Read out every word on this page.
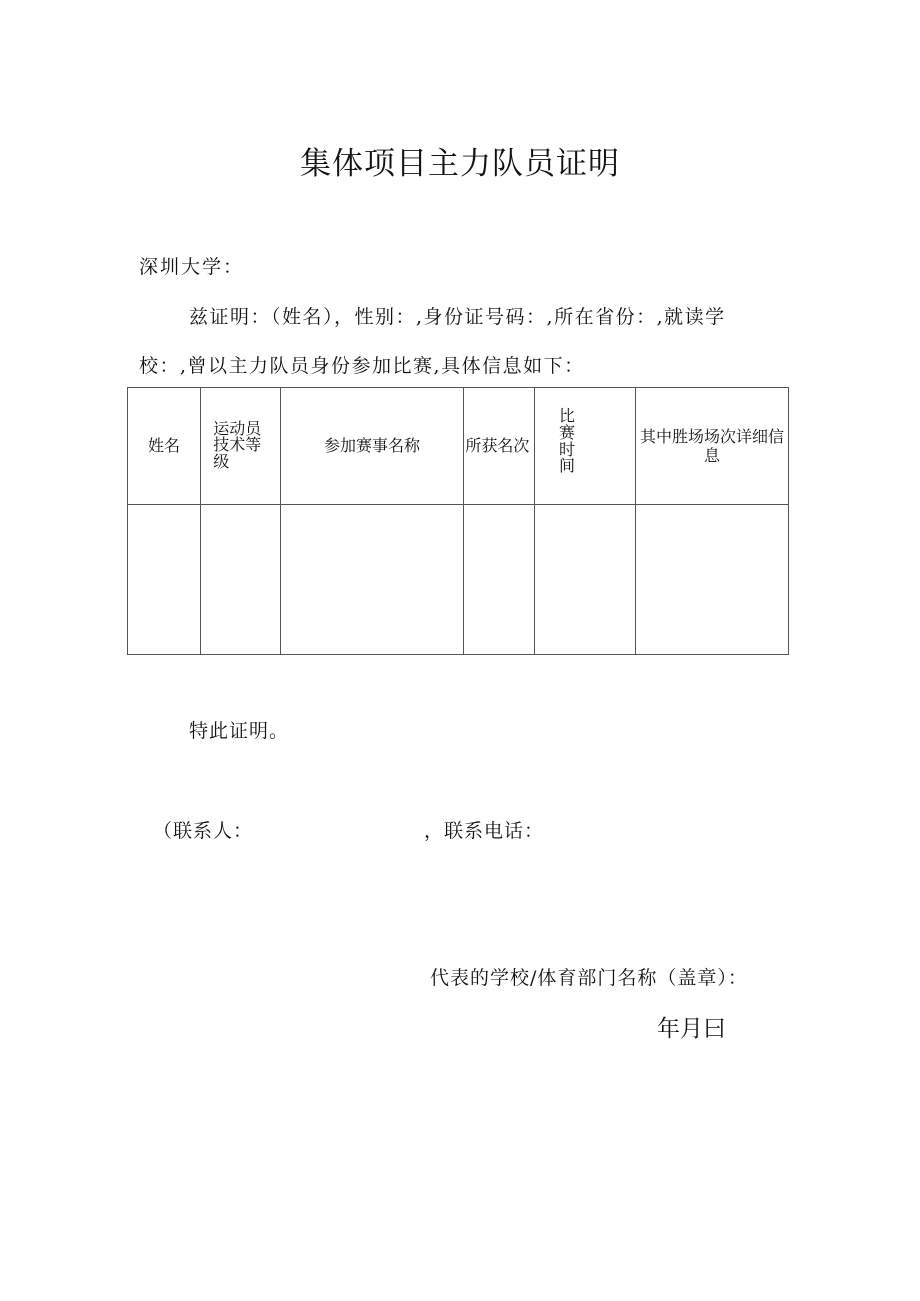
集体项目主力队员证明
深圳大学：
兹证明：（姓名），性别：,身份证号码：,所在省份：,就读学
校：,曾以主力队员身份参加比赛,具体信息如下：
姓名	运动员技术等级	参加赛事名称	所获名次	比赛时间	其中胜场场次详细信息

特此证明。
（联系人：	，联系电话：
代表的学校/体育部门名称（盖章）：
年月曰
